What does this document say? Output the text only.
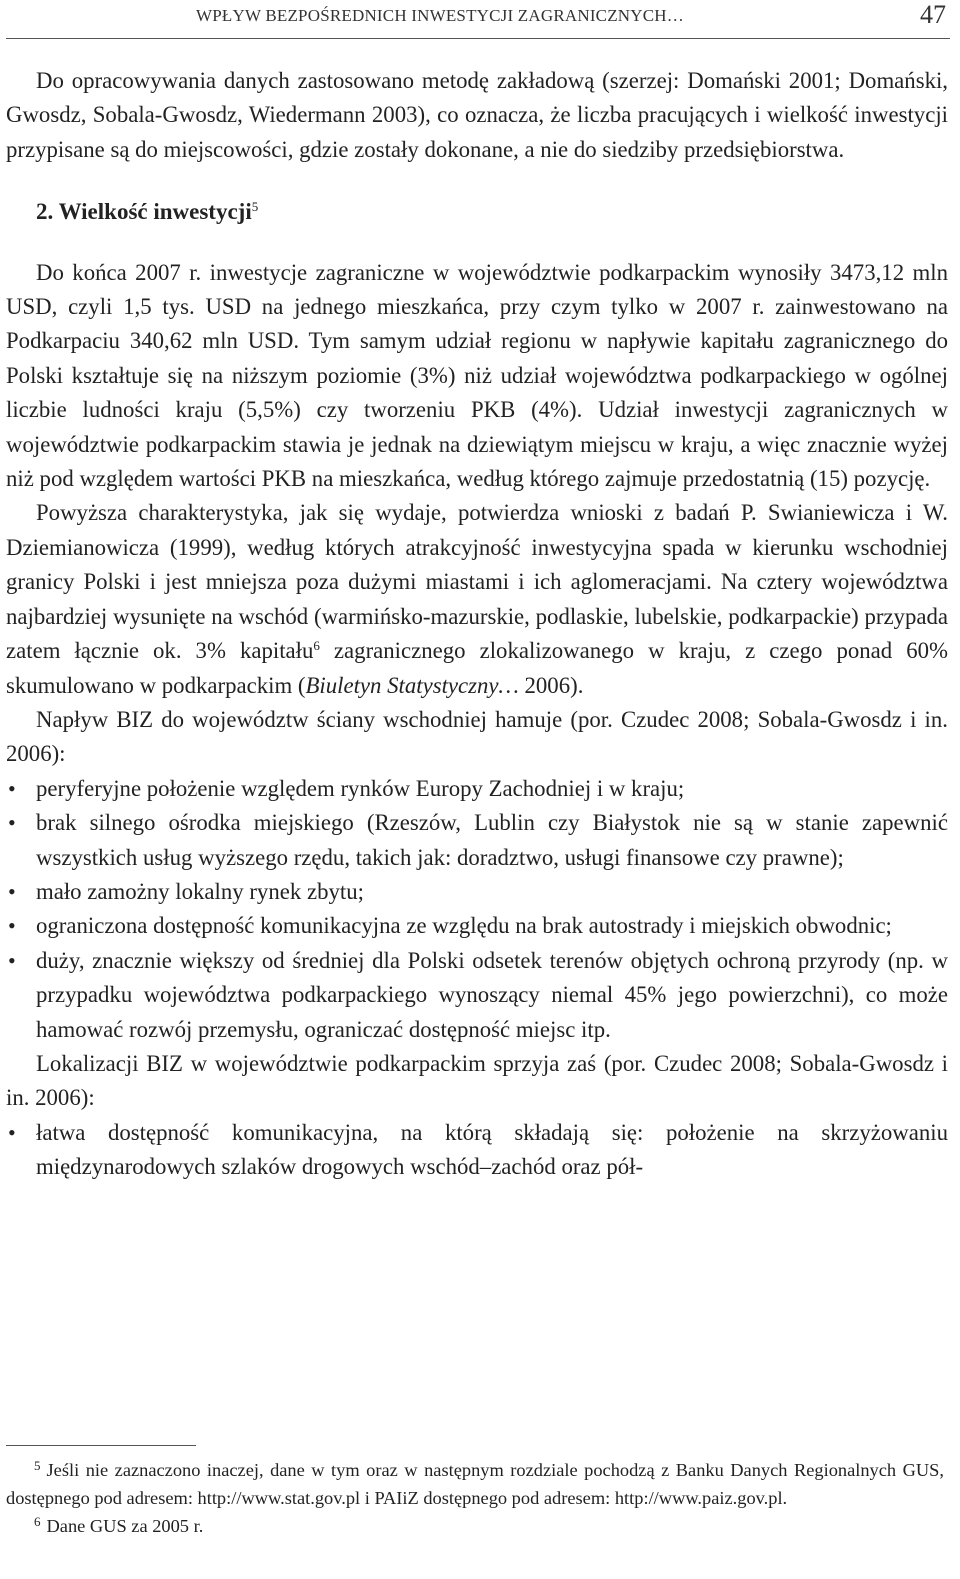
WPŁYW BEZPOŚREDNICH INWESTYCJI ZAGRANICZNYCH…	47

Do opracowywania danych zastosowano metodę zakładową (szerzej: Domański 2001; Domański, Gwosdz, Sobala-Gwosdz, Wiedermann 2003), co oznacza, że liczba pracujących i wielkość inwestycji przypisane są do miejscowości, gdzie zostały dokonane, a nie do siedziby przedsiębiorstwa.

2. Wielkość inwestycji$^5$

Do końca 2007 r. inwestycje zagraniczne w województwie podkarpackim wynosiły 3473,12 mln USD, czyli 1,5 tys. USD na jednego mieszkańca, przy czym tylko w 2007 r. zainwestowano na Podkarpaciu 340,62 mln USD. Tym samym udział regionu w napływie kapitału zagranicznego do Polski kształtuje się na niższym poziomie (3%) niż udział województwa podkarpackiego w ogólnej liczbie ludności kraju (5,5%) czy tworzeniu PKB (4%). Udział inwestycji zagranicznych w województwie podkarpackim stawia je jednak na dziewiątym miejscu w kraju, a więc znacznie wyżej niż pod względem wartości PKB na mieszkańca, według którego zajmuje przedostatnią (15) pozycję.

Powyższa charakterystyka, jak się wydaje, potwierdza wnioski z badań P. Swianiewicza i W. Dziemianowicza (1999), według których atrakcyjność inwestycyjna spada w kierunku wschodniej granicy Polski i jest mniejsza poza dużymi miastami i ich aglomeracjami. Na cztery województwa najbardziej wysunięte na wschód (warmińsko-mazurskie, podlaskie, lubelskie, podkarpackie) przypada zatem łącznie ok. 3% kapitału$^6$ zagranicznego zlokalizowanego w kraju, z czego ponad 60% skumulowano w podkarpackim (Biuletyn Statystyczny… 2006).

Napływ BIZ do województw ściany wschodniej hamuje (por. Czudec 2008; Sobala-Gwosdz i in. 2006):

• peryferyjne położenie względem rynków Europy Zachodniej i w kraju;
• brak silnego ośrodka miejskiego (Rzeszów, Lublin czy Białystok nie są w stanie zapewnić wszystkich usług wyższego rzędu, takich jak: doradztwo, usługi finansowe czy prawne);
• mało zamożny lokalny rynek zbytu;
• ograniczona dostępność komunikacyjna ze względu na brak autostrady i miejskich obwodnic;
• duży, znacznie większy od średniej dla Polski odsetek terenów objętych ochroną przyrody (np. w przypadku województwa podkarpackiego wynoszący niemal 45% jego powierzchni), co może hamować rozwój przemysłu, ograniczać dostępność miejsc itp.

Lokalizacji BIZ w województwie podkarpackim sprzyja zaś (por. Czudec 2008; Sobala-Gwosdz i in. 2006):

• łatwa dostępność komunikacyjna, na którą składają się: położenie na skrzyżowaniu międzynarodowych szlaków drogowych wschód–zachód oraz pół-

$^5$ Jeśli nie zaznaczono inaczej, dane w tym oraz w następnym rozdziale pochodzą z Banku Danych Regionalnych GUS, dostępnego pod adresem: http://www.stat.gov.pl i PAIiZ dostępnego pod adresem: http://www.paiz.gov.pl.

$^6$ Dane GUS za 2005 r.
